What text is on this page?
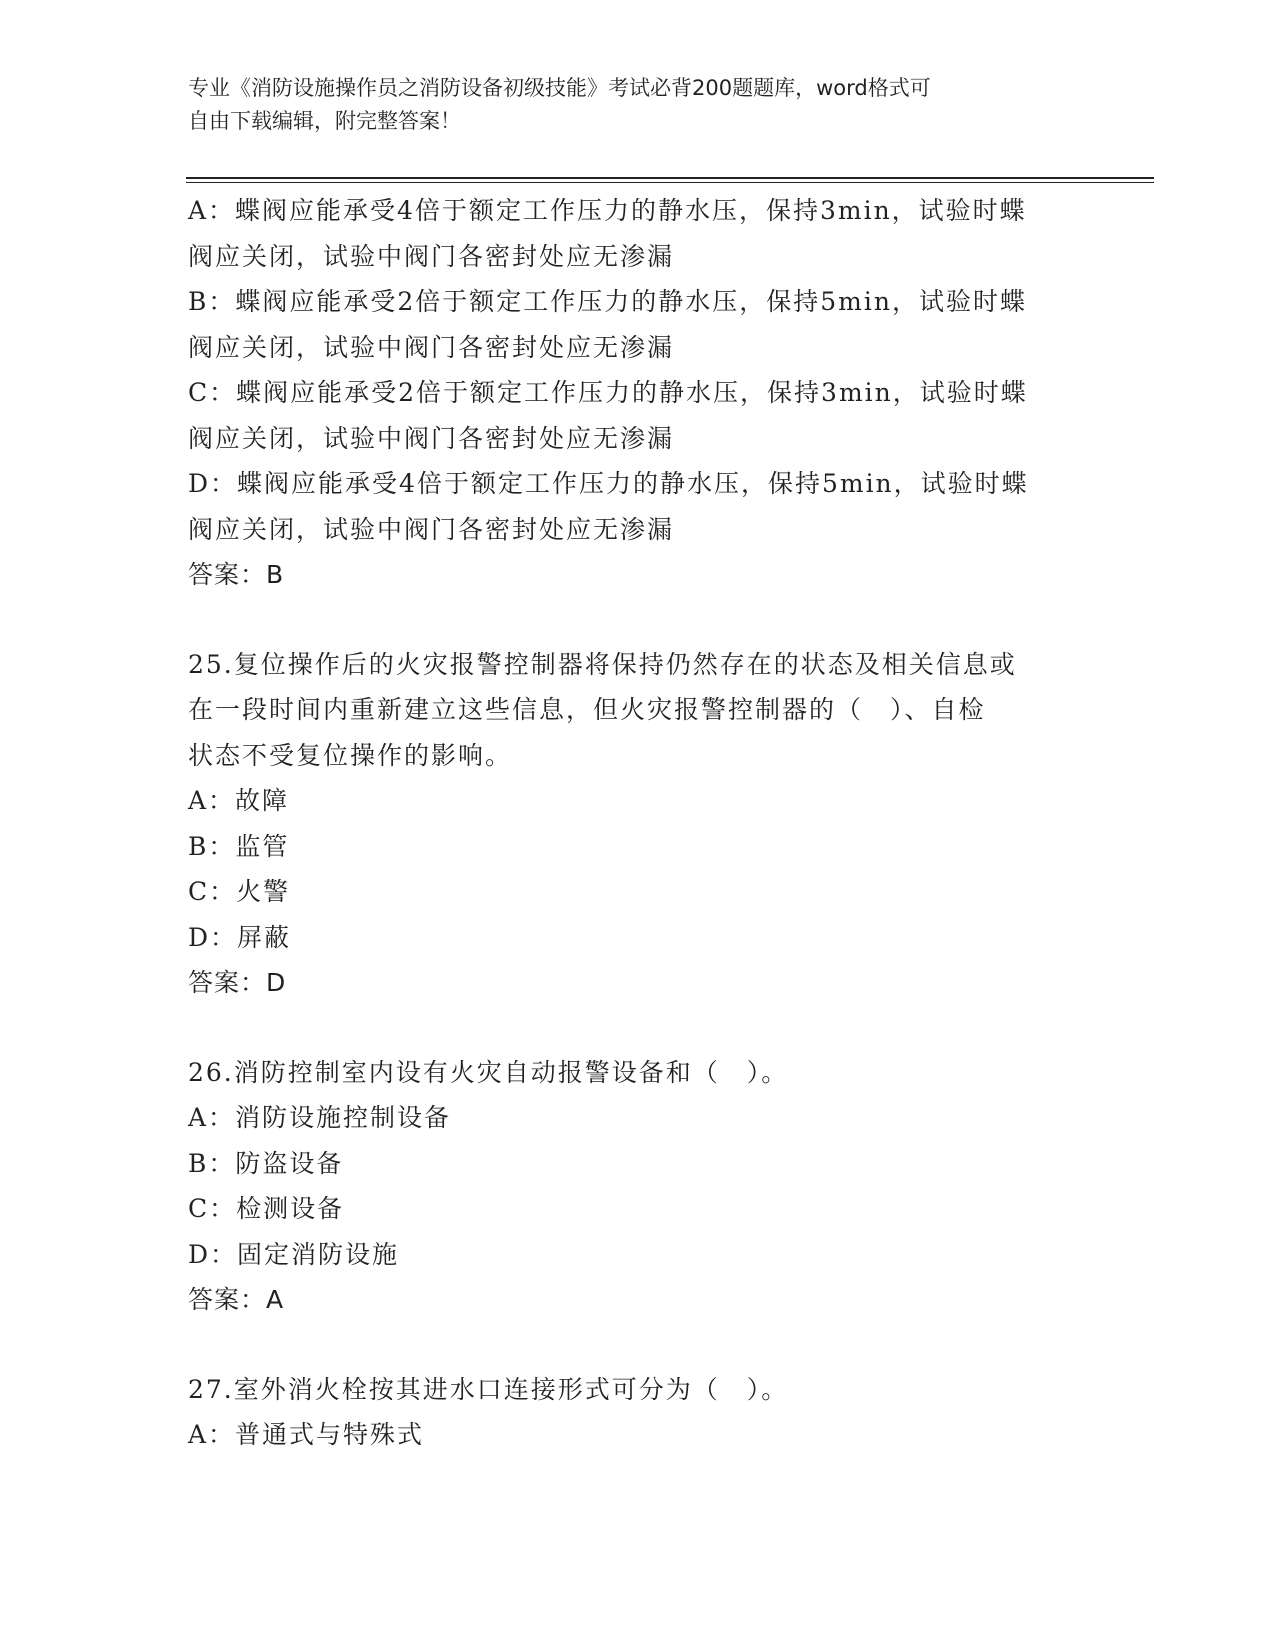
专业《消防设施操作员之消防设备初级技能》考试必背200题题库，word格式可
自由下载编辑，附完整答案！
A：蝶阀应能承受4倍于额定工作压力的静水压，保持3min，试验时蝶
阀应关闭，试验中阀门各密封处应无渗漏
B：蝶阀应能承受2倍于额定工作压力的静水压，保持5min，试验时蝶
阀应关闭，试验中阀门各密封处应无渗漏
C：蝶阀应能承受2倍于额定工作压力的静水压，保持3min，试验时蝶
阀应关闭，试验中阀门各密封处应无渗漏
D：蝶阀应能承受4倍于额定工作压力的静水压，保持5min，试验时蝶
阀应关闭，试验中阀门各密封处应无渗漏
答案：B
25.复位操作后的火灾报警控制器将保持仍然存在的状态及相关信息或
在一段时间内重新建立这些信息，但火灾报警控制器的（　）、自检
状态不受复位操作的影响。
A：故障
B：监管
C：火警
D：屏蔽
答案：D
26.消防控制室内设有火灾自动报警设备和（　）。
A：消防设施控制设备
B：防盗设备
C：检测设备
D：固定消防设施
答案：A
27.室外消火栓按其进水口连接形式可分为（　）。
A：普通式与特殊式
